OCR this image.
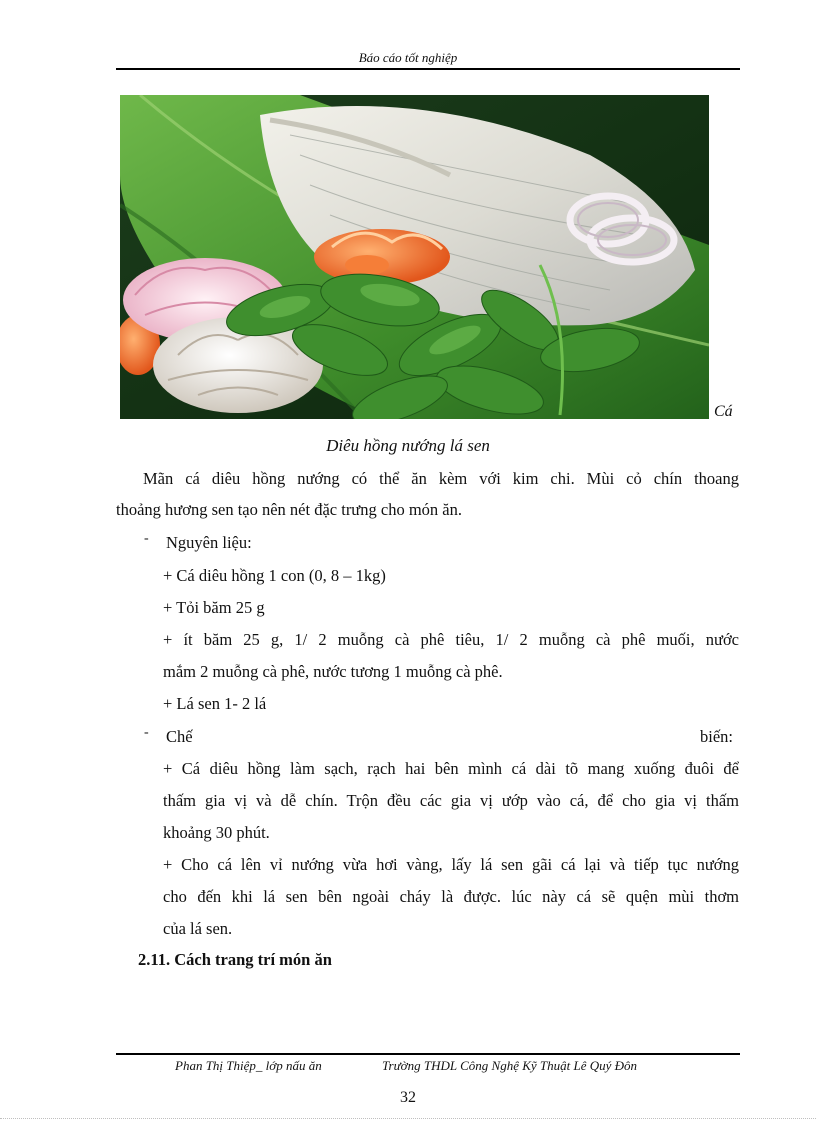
Báo cáo tốt nghiệp
Cá
Diêu hồng nướng lá sen
Mãn cá diêu hồng nướng có thể ăn kèm với kim chi. Mùi cỏ chín thoang
thoảng hương sen tạo nên nét đặc trưng cho món ăn.
- Nguyên liệu:
+ Cá diêu hồng 1 con (0, 8 – 1kg)
+ Tỏi băm 25 g
+ ít băm 25 g, 1/ 2 muỗng cà phê tiêu, 1/ 2 muỗng cà phê muối, nước
mắm 2 muỗng cà phê, nước tương 1 muỗng cà phê.
+ Lá sen 1- 2 lá
- Chế	biến:
+ Cá diêu hồng làm sạch, rạch hai bên mình cá dài tõ mang xuống đuôi để
thấm gia vị và dễ chín. Trộn đều các gia vị ướp vào cá, để cho gia vị thấm
khoảng 30 phút.
+ Cho cá lên vỉ nướng vừa hơi vàng, lấy lá sen gãi cá lại và tiếp tục nướng
cho đến khi lá sen bên ngoài cháy là được. lúc này cá sẽ quện mùi thơm
của lá sen.
2.11. Cách trang trí món ăn
Phan Thị Thiệp_ lớp nấu ăn	Trường THDL Công Nghệ Kỹ Thuật Lê Quý Đôn
32
